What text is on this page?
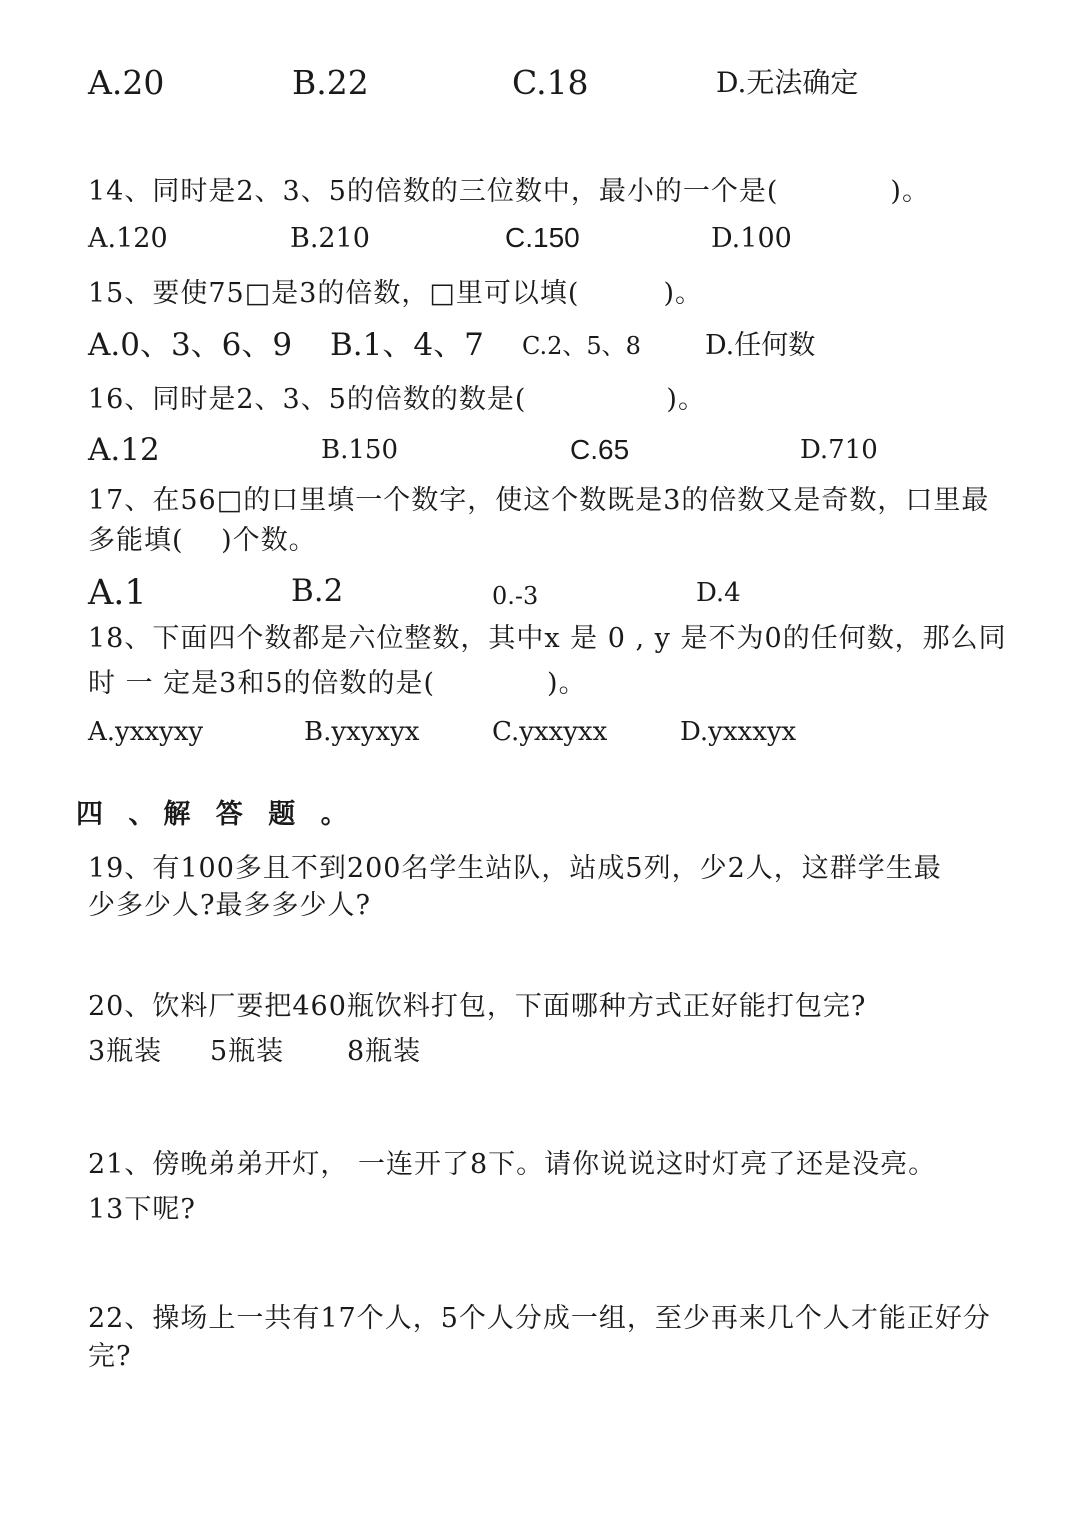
A.20	B.22	C.18	D.无法确定
14、同时是2、3、5的倍数的三位数中，最小的一个是(　　　　)。
A.120	B.210	C.150	D.100
15、要使75□是3的倍数，□里可以填(　　　)。
A.0、3、6、9 B.1、4、7 C.2、5、8 D.任何数
16、同时是2、3、5的倍数的数是(　　　　　)。
A.12	B.150	C.65	D.710
17、在56□的口里填一个数字，使这个数既是3的倍数又是奇数，口里最
多能填(　 )个数。
A.1	B.2	0.-3	D.4
18、下面四个数都是六位整数，其中x 是 0 , y 是不为0的任何数，那么同
时 一 定是3和5的倍数的是(　　　　)。
A.yxxyxy	B.yxyxyx	C.yxxyxx	D.yxxxyx
四 、解 答 题 。
19、有100多且不到200名学生站队，站成5列，少2人，这群学生最
少多少人?最多多少人?
20、饮料厂要把460瓶饮料打包，下面哪种方式正好能打包完?
3瓶装 5瓶装 8瓶装
21、傍晚弟弟开灯， 一连开了8下。请你说说这时灯亮了还是没亮。
13下呢?
22、操场上一共有17个人，5个人分成一组，至少再来几个人才能正好分
完?
